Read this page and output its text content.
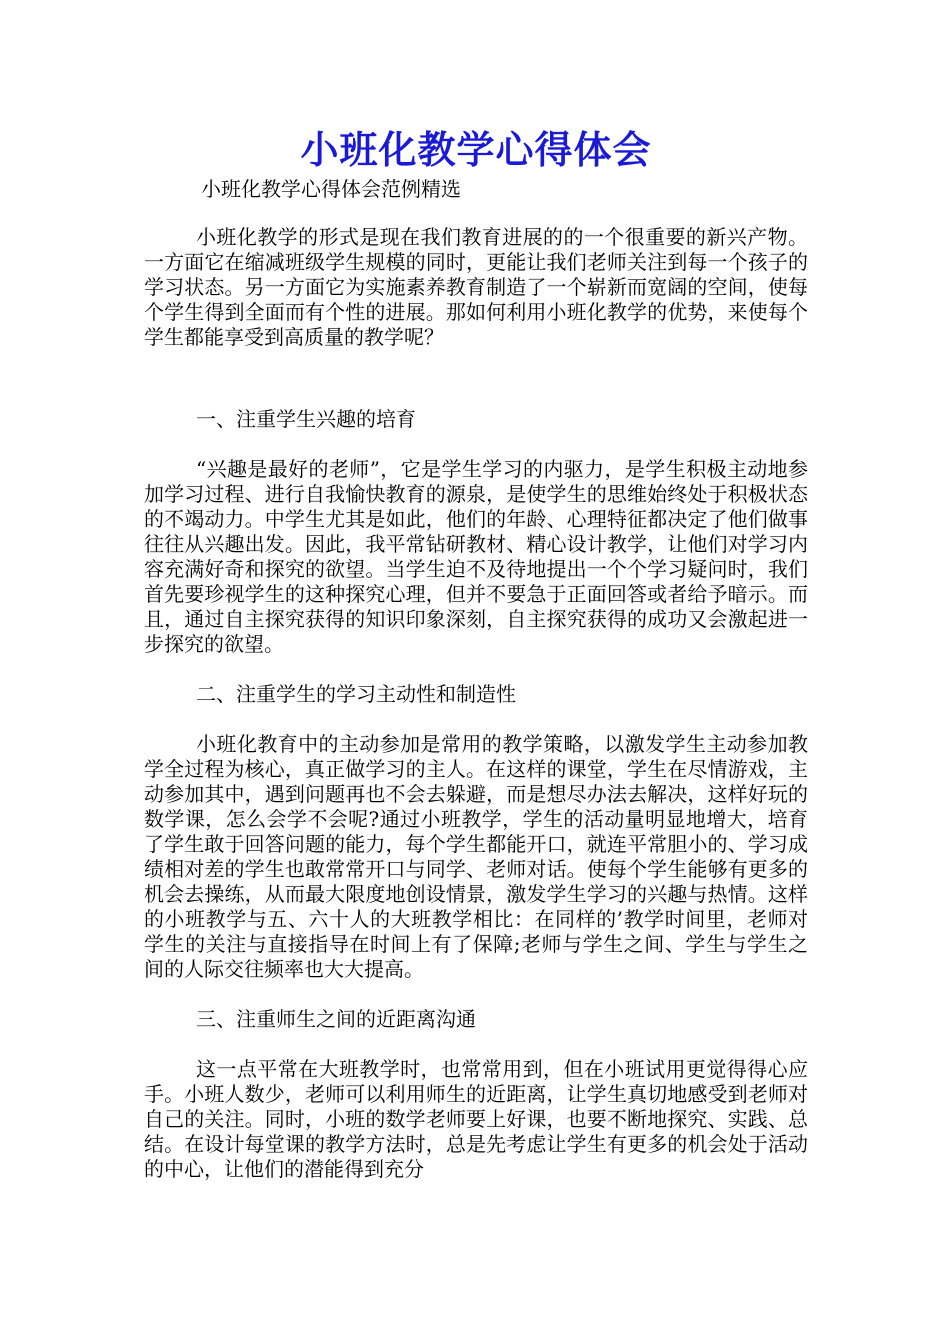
小班化教学心得体会

小班化教学心得体会范例精选

小班化教学的形式是现在我们教育进展的的一个很重要的新兴产物。一方面它在缩减班级学生规模的同时，更能让我们老师关注到每一个孩子的学习状态。另一方面它为实施素养教育制造了一个崭新而宽阔的空间，使每个学生得到全面而有个性的进展。那如何利用小班化教学的优势，来使每个学生都能享受到高质量的教学呢？

一、注重学生兴趣的培育

“兴趣是最好的老师”，它是学生学习的内驱力，是学生积极主动地参加学习过程、进行自我愉快教育的源泉，是使学生的思维始终处于积极状态的不竭动力。中学生尤其是如此，他们的年龄、心理特征都决定了他们做事往往从兴趣出发。因此，我平常钻研教材、精心设计教学，让他们对学习内容充满好奇和探究的欲望。当学生迫不及待地提出一个个学习疑问时，我们首先要珍视学生的这种探究心理，但并不要急于正面回答或者给予暗示。而且，通过自主探究获得的知识印象深刻，自主探究获得的成功又会激起进一步探究的欲望。

二、注重学生的学习主动性和制造性

小班化教育中的主动参加是常用的教学策略，以激发学生主动参加教学全过程为核心，真正做学习的主人。在这样的课堂，学生在尽情游戏，主动参加其中，遇到问题再也不会去躲避，而是想尽办法去解决，这样好玩的数学课，怎么会学不会呢?通过小班教学，学生的活动量明显地增大，培育了学生敢于回答问题的能力，每个学生都能开口，就连平常胆小的、学习成绩相对差的学生也敢常常开口与同学、老师对话。使每个学生能够有更多的机会去操练，从而最大限度地创设情景，激发学生学习的兴趣与热情。这样的小班教学与五、六十人的大班教学相比：在同样的’教学时间里，老师对学生的关注与直接指导在时间上有了保障;老师与学生之间、学生与学生之间的人际交往频率也大大提高。

三、注重师生之间的近距离沟通

这一点平常在大班教学时，也常常用到，但在小班试用更觉得得心应手。小班人数少，老师可以利用师生的近距离，让学生真切地感受到老师对自己的关注。同时，小班的数学老师要上好课，也要不断地探究、实践、总结。在设计每堂课的教学方法时，总是先考虑让学生有更多的机会处于活动的中心，让他们的潜能得到充分
